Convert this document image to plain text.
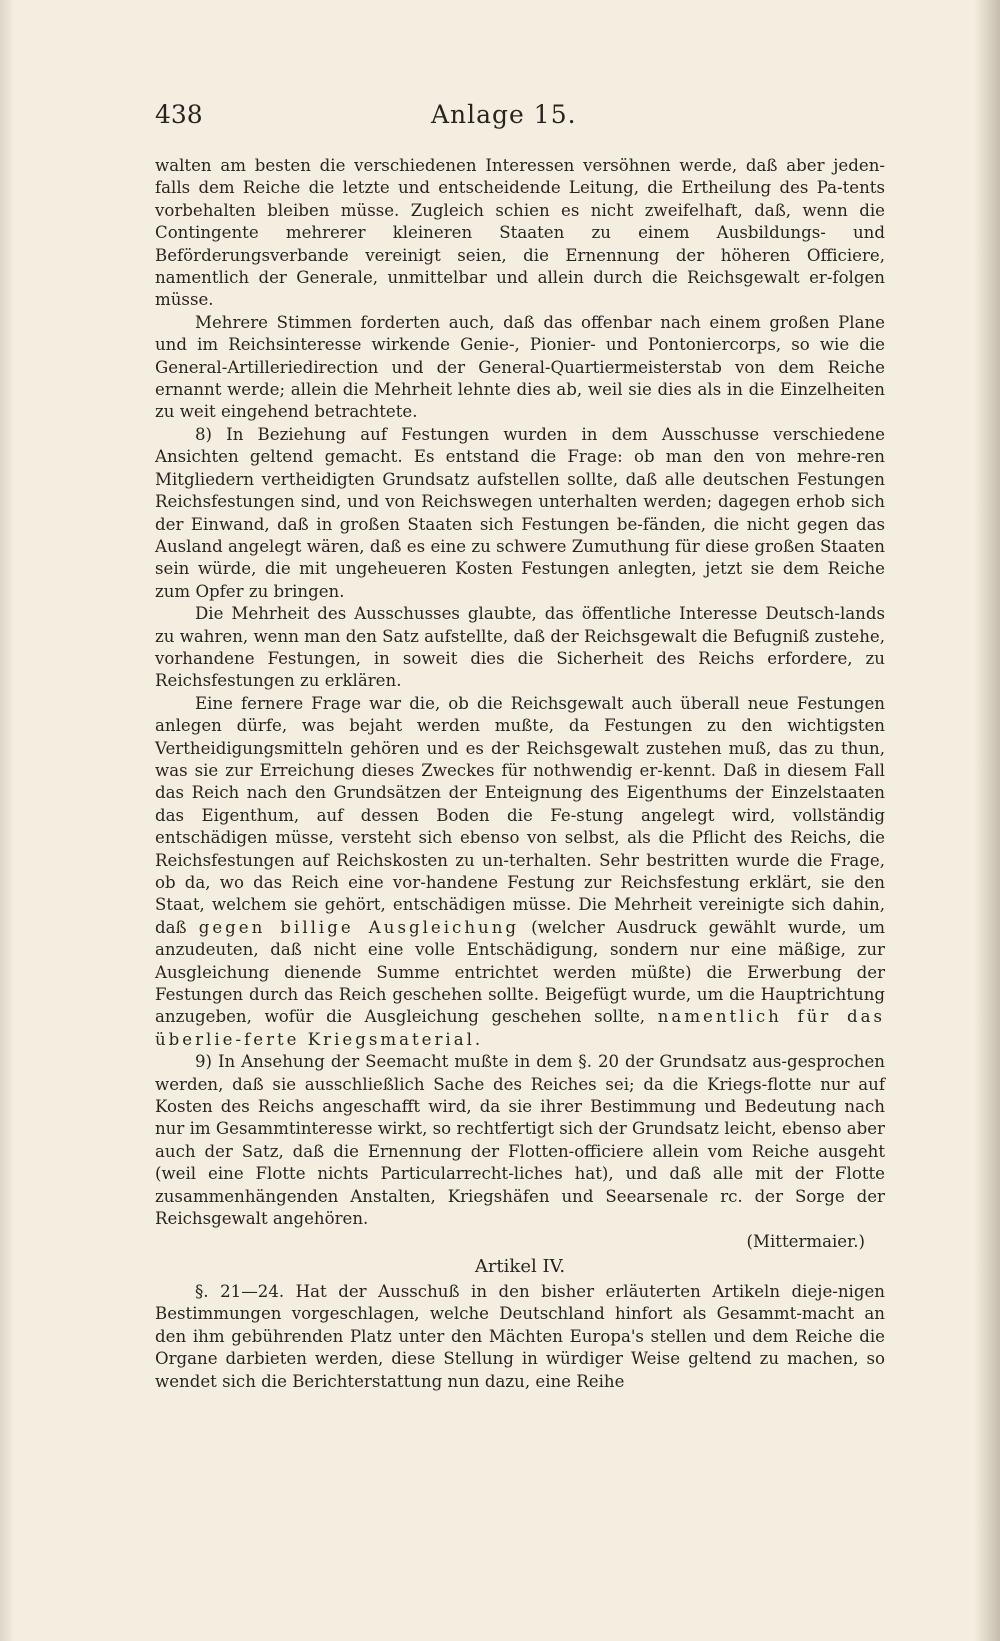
438	Anlage 15.

walten am besten die verschiedenen Interessen versöhnen werde, daß aber jeden-falls dem Reiche die letzte und entscheidende Leitung, die Ertheilung des Pa-tents vorbehalten bleiben müsse. Zugleich schien es nicht zweifelhaft, daß, wenn die Contingente mehrerer kleineren Staaten zu einem Ausbildungs- und Beförderungsverbande vereinigt seien, die Ernennung der höheren Officiere, namentlich der Generale, unmittelbar und allein durch die Reichsgewalt er-folgen müsse.

Mehrere Stimmen forderten auch, daß das offenbar nach einem großen Plane und im Reichsinteresse wirkende Genie-, Pionier- und Pontoniercorps, so wie die General-Artilleriedirection und der General-Quartiermeisterstab von dem Reiche ernannt werde; allein die Mehrheit lehnte dies ab, weil sie dies als in die Einzelheiten zu weit eingehend betrachtete.

8) In Beziehung auf Festungen wurden in dem Ausschusse verschiedene Ansichten geltend gemacht. Es entstand die Frage: ob man den von mehre-ren Mitgliedern vertheidigten Grundsatz aufstellen sollte, daß alle deutschen Festungen Reichsfestungen sind, und von Reichswegen unterhalten werden; dagegen erhob sich der Einwand, daß in großen Staaten sich Festungen be-fänden, die nicht gegen das Ausland angelegt wären, daß es eine zu schwere Zumuthung für diese großen Staaten sein würde, die mit ungeheueren Kosten Festungen anlegten, jetzt sie dem Reiche zum Opfer zu bringen.

Die Mehrheit des Ausschusses glaubte, das öffentliche Interesse Deutsch-lands zu wahren, wenn man den Satz aufstellte, daß der Reichsgewalt die Befugniß zustehe, vorhandene Festungen, in soweit dies die Sicherheit des Reichs erfordere, zu Reichsfestungen zu erklären.

Eine fernere Frage war die, ob die Reichsgewalt auch überall neue Festungen anlegen dürfe, was bejaht werden mußte, da Festungen zu den wichtigsten Vertheidigungsmitteln gehören und es der Reichsgewalt zustehen muß, das zu thun, was sie zur Erreichung dieses Zweckes für nothwendig er-kennt. Daß in diesem Fall das Reich nach den Grundsätzen der Enteignung des Eigenthums der Einzelstaaten das Eigenthum, auf dessen Boden die Fe-stung angelegt wird, vollständig entschädigen müsse, versteht sich ebenso von selbst, als die Pflicht des Reichs, die Reichsfestungen auf Reichskosten zu un-terhalten. Sehr bestritten wurde die Frage, ob da, wo das Reich eine vor-handene Festung zur Reichsfestung erklärt, sie den Staat, welchem sie gehört, entschädigen müsse. Die Mehrheit vereinigte sich dahin, daß gegen billige Ausgleichung (welcher Ausdruck gewählt wurde, um anzudeuten, daß nicht eine volle Entschädigung, sondern nur eine mäßige, zur Ausgleichung dienende Summe entrichtet werden müßte) die Erwerbung der Festungen durch das Reich geschehen sollte. Beigefügt wurde, um die Hauptrichtung anzugeben, wofür die Ausgleichung geschehen sollte, namentlich für das überlie-ferte Kriegsmaterial.

9) In Ansehung der Seemacht mußte in dem §. 20 der Grundsatz aus-gesprochen werden, daß sie ausschließlich Sache des Reiches sei; da die Kriegs-flotte nur auf Kosten des Reichs angeschafft wird, da sie ihrer Bestimmung und Bedeutung nach nur im Gesammtinteresse wirkt, so rechtfertigt sich der Grundsatz leicht, ebenso aber auch der Satz, daß die Ernennung der Flotten-officiere allein vom Reiche ausgeht (weil eine Flotte nichts Particularrecht-liches hat), und daß alle mit der Flotte zusammenhängenden Anstalten, Kriegshäfen und Seearsenale rc. der Sorge der Reichsgewalt angehören.

(Mittermaier.)

Artikel IV.

§. 21—24. Hat der Ausschuß in den bisher erläuterten Artikeln dieje-nigen Bestimmungen vorgeschlagen, welche Deutschland hinfort als Gesammt-macht an den ihm gebührenden Platz unter den Mächten Europa's stellen und dem Reiche die Organe darbieten werden, diese Stellung in würdiger Weise geltend zu machen, so wendet sich die Berichterstattung nun dazu, eine Reihe
